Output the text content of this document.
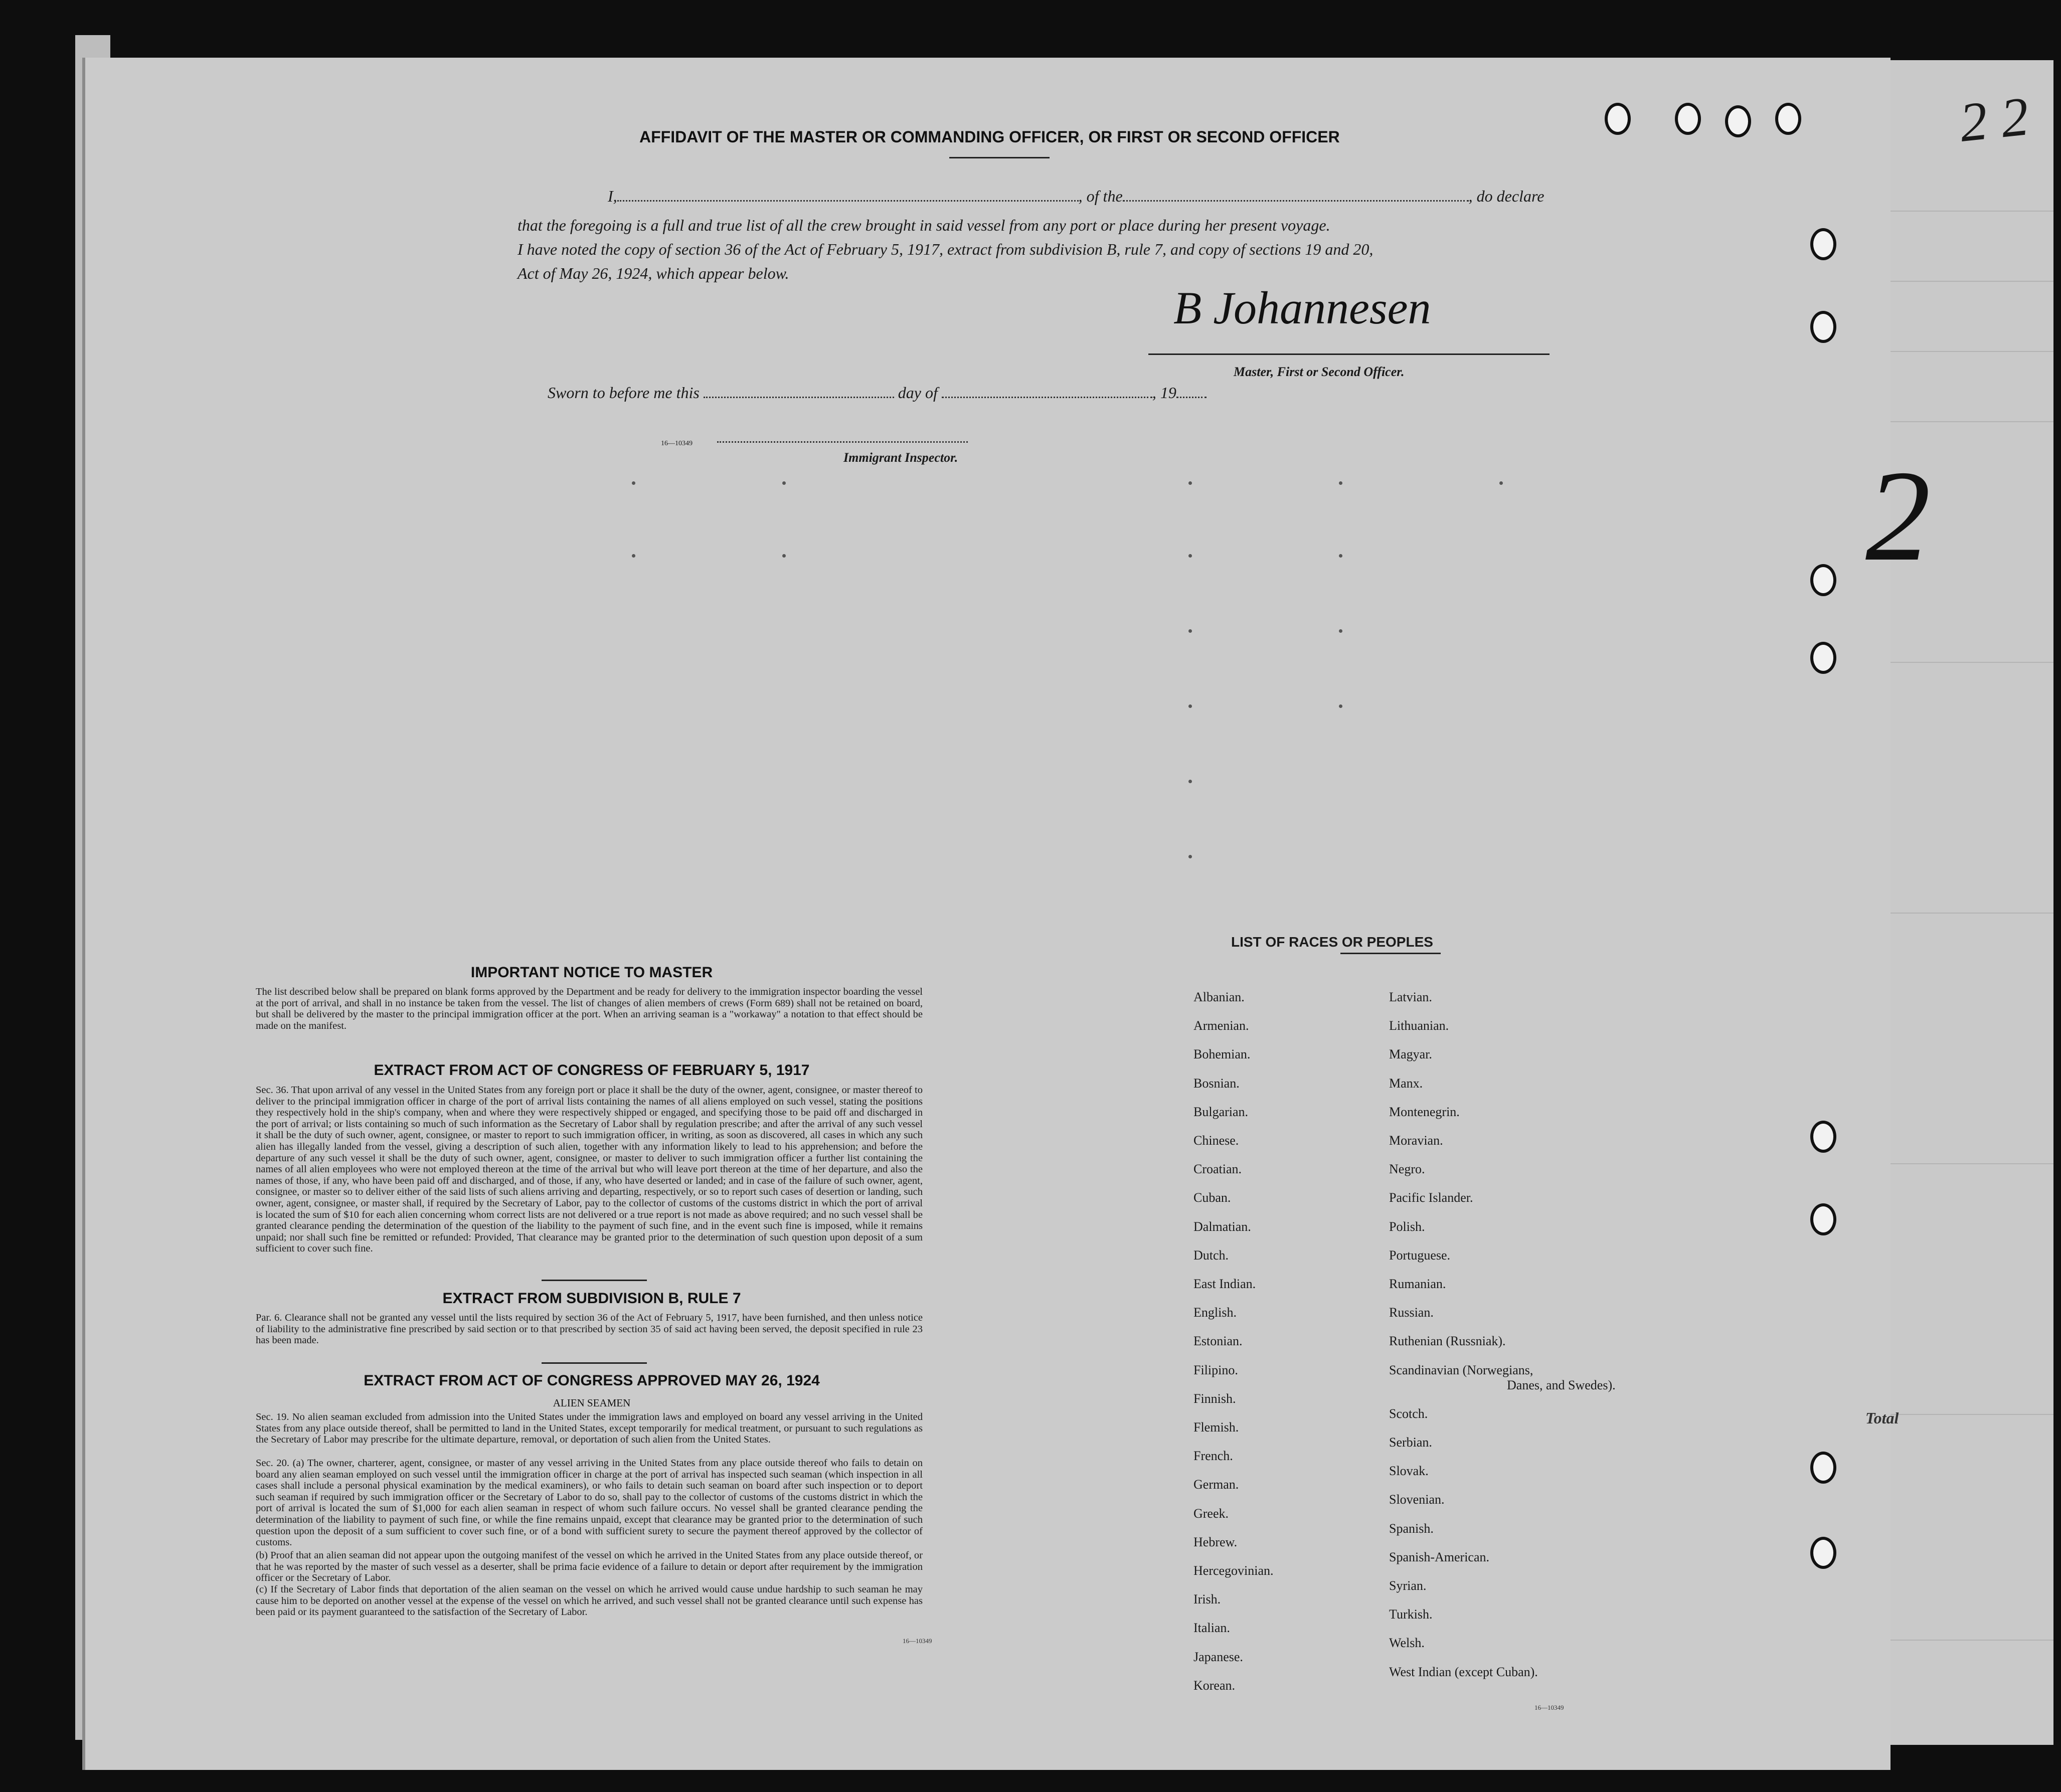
2 2
AFFIDAVIT OF THE MASTER OR COMMANDING OFFICER, OR FIRST OR SECOND OFFICER
I,	, of the	, do declare
that the foregoing is a full and true list of all the crew brought in said vessel from any port or place during her present voyage.
I have noted the copy of section 36 of the Act of February 5, 1917, extract from subdivision B, rule 7, and copy of sections 19 and 20,
Act of May 26, 1924, which appear below.
B Johannesen
Master, First or Second Officer.
Sworn to before me this	day of	, 19
16—10349
Immigrant Inspector.
IMPORTANT NOTICE TO MASTER
The list described below shall be prepared on blank forms approved by the Department and be ready for delivery to the immigration inspector boarding the vessel at the port of arrival, and shall in no instance be taken from the vessel. The list of changes of alien members of crews (Form 689) shall not be retained on board, but shall be delivered by the master to the principal immigration officer at the port. When an arriving seaman is a "workaway" a notation to that effect should be made on the manifest.
EXTRACT FROM ACT OF CONGRESS OF FEBRUARY 5, 1917
Sec. 36. That upon arrival of any vessel in the United States from any foreign port or place it shall be the duty of the owner, agent, consignee, or master thereof to deliver to the principal immigration officer in charge of the port of arrival lists containing the names of all aliens employed on such vessel, stating the positions they respectively hold in the ship's company, when and where they were respectively shipped or engaged, and specifying those to be paid off and discharged in the port of arrival; or lists containing so much of such information as the Secretary of Labor shall by regulation prescribe; and after the arrival of any such vessel it shall be the duty of such owner, agent, consignee, or master to report to such immigration officer, in writing, as soon as discovered, all cases in which any such alien has illegally landed from the vessel, giving a description of such alien, together with any information likely to lead to his apprehension; and before the departure of any such vessel it shall be the duty of such owner, agent, consignee, or master to deliver to such immigration officer a further list containing the names of all alien employees who were not employed thereon at the time of the arrival but who will leave port thereon at the time of her departure, and also the names of those, if any, who have been paid off and discharged, and of those, if any, who have deserted or landed; and in case of the failure of such owner, agent, consignee, or master so to deliver either of the said lists of such aliens arriving and departing, respectively, or so to report such cases of desertion or landing, such owner, agent, consignee, or master shall, if required by the Secretary of Labor, pay to the collector of customs of the customs district in which the port of arrival is located the sum of $10 for each alien concerning whom correct lists are not delivered or a true report is not made as above required; and no such vessel shall be granted clearance pending the determination of the question of the liability to the payment of such fine, and in the event such fine is imposed, while it remains unpaid; nor shall such fine be remitted or refunded: Provided, That clearance may be granted prior to the determination of such question upon deposit of a sum sufficient to cover such fine.
EXTRACT FROM SUBDIVISION B, RULE 7
Par. 6. Clearance shall not be granted any vessel until the lists required by section 36 of the Act of February 5, 1917, have been furnished, and then unless notice of liability to the administrative fine prescribed by said section or to that prescribed by section 35 of said act having been served, the deposit specified in rule 23 has been made.
EXTRACT FROM ACT OF CONGRESS APPROVED MAY 26, 1924
ALIEN SEAMEN
Sec. 19. No alien seaman excluded from admission into the United States under the immigration laws and employed on board any vessel arriving in the United States from any place outside thereof, shall be permitted to land in the United States, except temporarily for medical treatment, or pursuant to such regulations as the Secretary of Labor may prescribe for the ultimate departure, removal, or deportation of such alien from the United States.
Sec. 20. (a) The owner, charterer, agent, consignee, or master of any vessel arriving in the United States from any place outside thereof who fails to detain on board any alien seaman employed on such vessel until the immigration officer in charge at the port of arrival has inspected such seaman (which inspection in all cases shall include a personal physical examination by the medical examiners), or who fails to detain such seaman on board after such inspection or to deport such seaman if required by such immigration officer or the Secretary of Labor to do so, shall pay to the collector of customs of the customs district in which the port of arrival is located the sum of $1,000 for each alien seaman in respect of whom such failure occurs. No vessel shall be granted clearance pending the determination of the liability to payment of such fine, or while the fine remains unpaid, except that clearance may be granted prior to the determination of such question upon the deposit of a sum sufficient to cover such fine, or of a bond with sufficient surety to secure the payment thereof approved by the collector of customs.
(b) Proof that an alien seaman did not appear upon the outgoing manifest of the vessel on which he arrived in the United States from any place outside thereof, or that he was reported by the master of such vessel as a deserter, shall be prima facie evidence of a failure to detain or deport after requirement by the immigration officer or the Secretary of Labor.
(c) If the Secretary of Labor finds that deportation of the alien seaman on the vessel on which he arrived would cause undue hardship to such seaman he may cause him to be deported on another vessel at the expense of the vessel on which he arrived, and such vessel shall not be granted clearance until such expense has been paid or its payment guaranteed to the satisfaction of the Secretary of Labor.
16—10349
LIST OF RACES OR PEOPLES
16—10349
Albanian.
Armenian.
Bohemian.
Bosnian.
Bulgarian.
Chinese.
Croatian.
Cuban.
Dalmatian.
Dutch.
East Indian.
English.
Estonian.
Filipino.
Finnish.
Flemish.
French.
German.
Greek.
Hebrew.
Hercegovinian.
Irish.
Italian.
Japanese.
Korean.
Latvian.
Lithuanian.
Magyar.
Manx.
Montenegrin.
Moravian.
Negro.
Pacific Islander.
Polish.
Portuguese.
Rumanian.
Russian.
Ruthenian (Russniak).
Scandinavian (Norwegians,
Danes, and Swedes).
Scotch.
Serbian.
Slovak.
Slovenian.
Spanish.
Spanish-American.
Syrian.
Turkish.
Welsh.
West Indian (except Cuban).
Total
2
